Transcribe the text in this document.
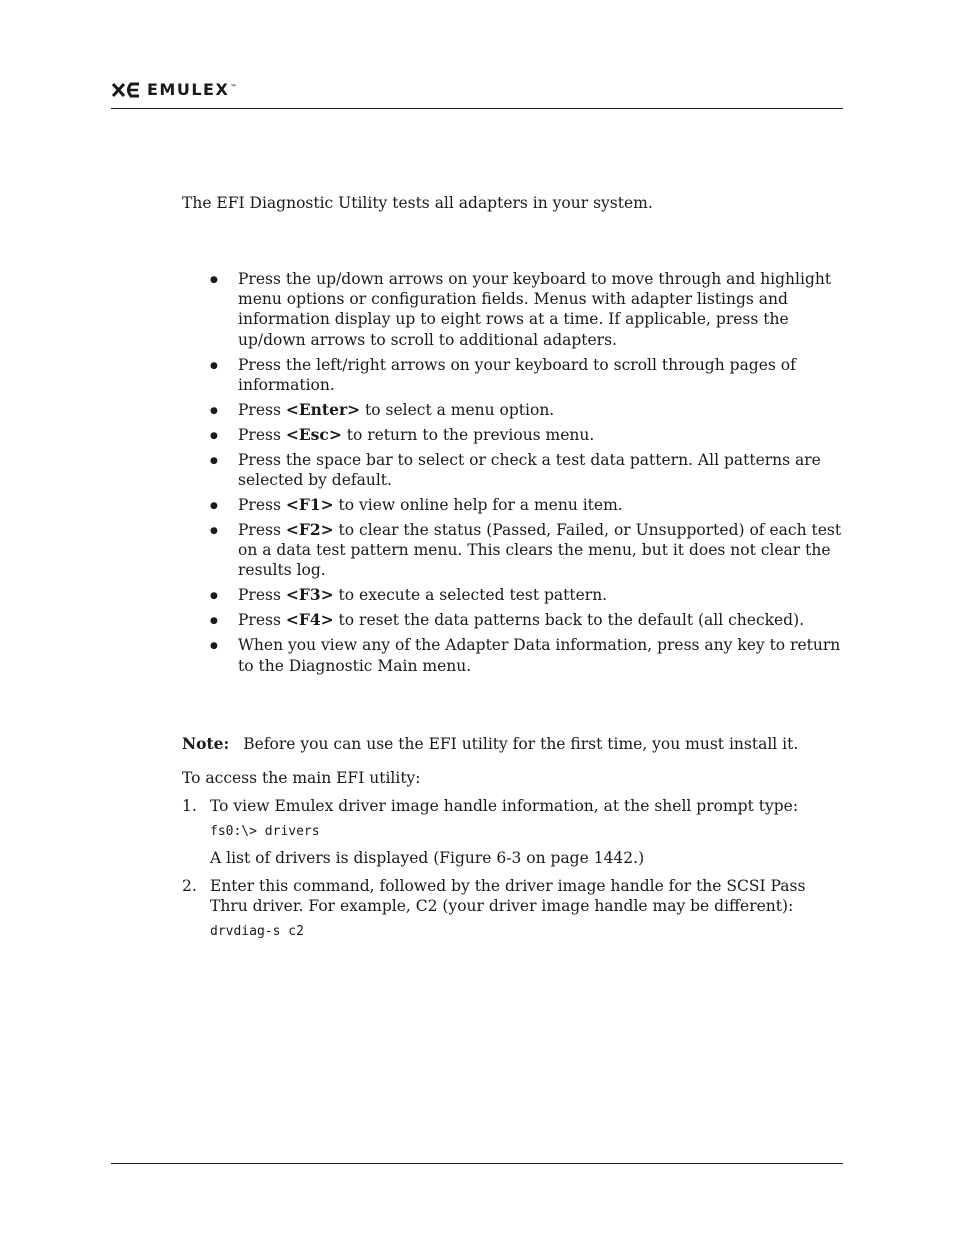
EMULEX™

The EFI Diagnostic Utility tests all adapters in your system.

● Press the up/down arrows on your keyboard to move through and highlight menu options or configuration fields. Menus with adapter listings and information display up to eight rows at a time. If applicable, press the up/down arrows to scroll to additional adapters.
● Press the left/right arrows on your keyboard to scroll through pages of information.
● Press <Enter> to select a menu option.
● Press <Esc> to return to the previous menu.
● Press the space bar to select or check a test data pattern. All patterns are selected by default.
● Press <F1> to view online help for a menu item.
● Press <F2> to clear the status (Passed, Failed, or Unsupported) of each test on a data test pattern menu. This clears the menu, but it does not clear the results log.
● Press <F3> to execute a selected test pattern.
● Press <F4> to reset the data patterns back to the default (all checked).
● When you view any of the Adapter Data information, press any key to return to the Diagnostic Main menu.

Note: Before you can use the EFI utility for the first time, you must install it.

To access the main EFI utility:

1. To view Emulex driver image handle information, at the shell prompt type:

fs0:\> drivers

A list of drivers is displayed (Figure 6-3 on page 1442.)

2. Enter this command, followed by the driver image handle for the SCSI Pass Thru driver. For example, C2 (your driver image handle may be different):

drvdiag-s c2
